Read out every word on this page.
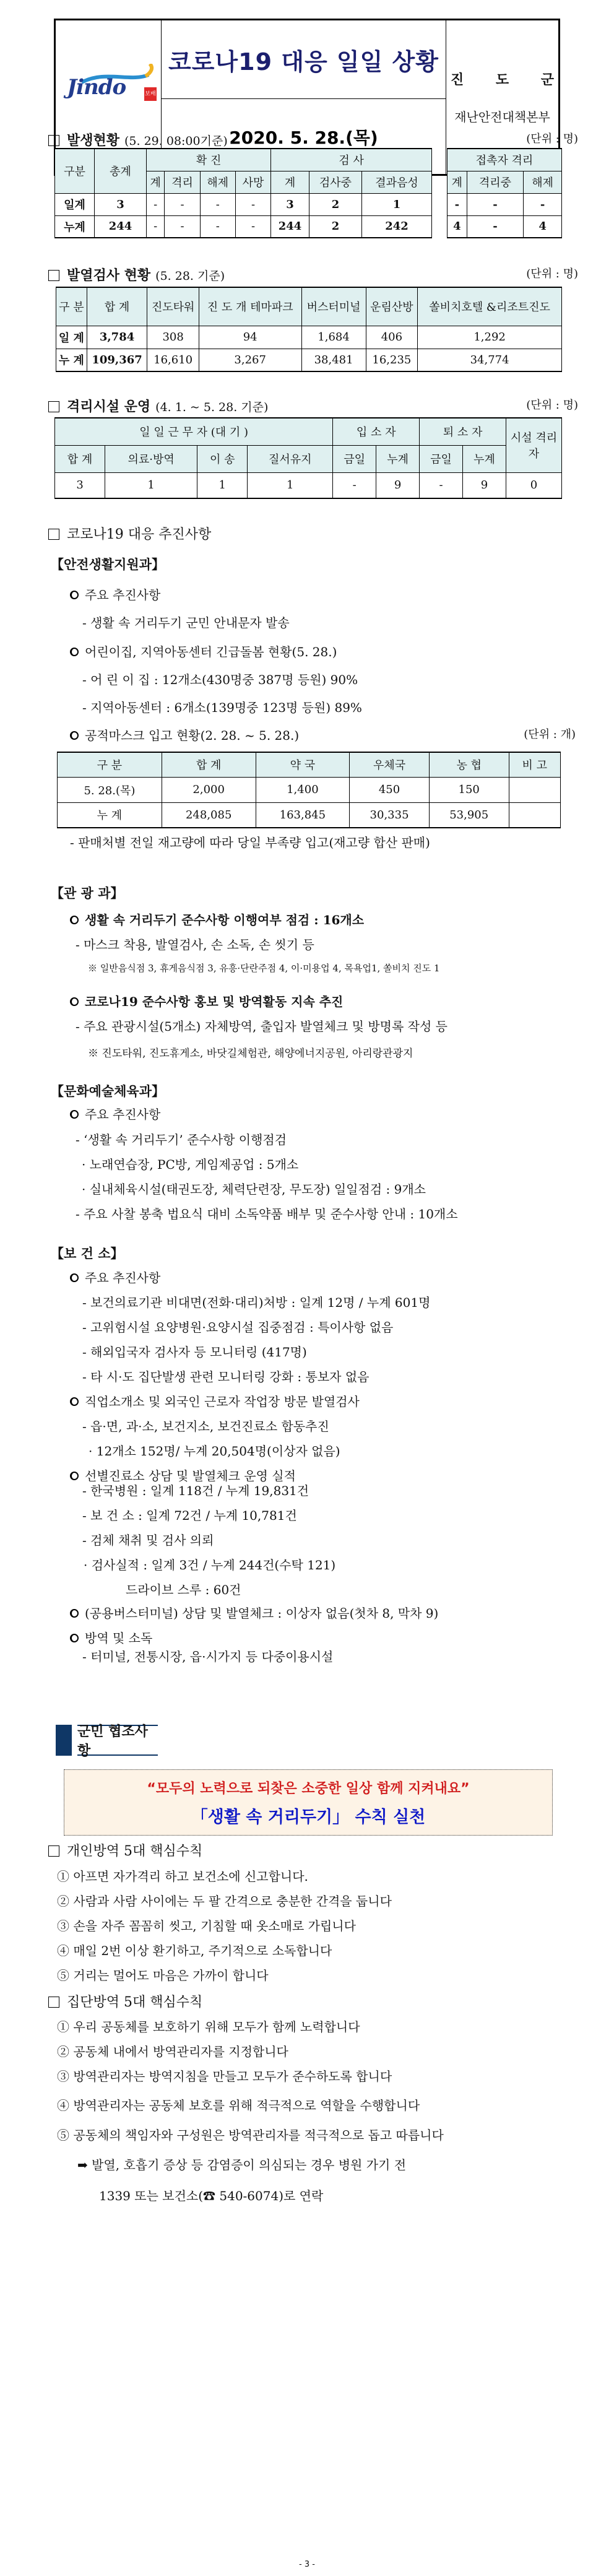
Jindo	보배섬
코로나19 대응 일일 상황
2020. 5. 28.(목)
진 도 군
재난안전대책본부
발생현황 (5. 29. 08:00기준)	(단위 : 명)
구분	총계	확 진				검 사		
		계	격리	해제	사망	계	검사중	결과음성
일계	3	-	-	-	-	3	2	1
누계	244	-	-	-	-	244	2	242
접촉자 격리		
계	격리중	해제
-	-	-
4	-	4
발열검사 현황 (5. 28. 기준)	(단위 : 명)
구 분	합 계	진도타워	진 도 개 테마파크	버스터미널	운림산방	쏠비치호텔 &리조트진도
일 계	3,784	308	94	1,684	406	1,292
누 계	109,367	16,610	3,267	38,481	16,235	34,774
격리시설 운영 (4. 1. ~ 5. 28. 기준)	(단위 : 명)
일 일 근 무 자 (대 기 )				입 소 자		퇴 소 자		시설 격리자
합 계	의료·방역	이 송	질서유지	금일	누계	금일	누계	
3	1	1	1	-	9	-	9	0
코로나19 대응 추진사항
【안전생활지원과】
주요 추진사항
- 생활 속 거리두기 군민 안내문자 발송
어린이집, 지역아동센터 긴급돌봄 현황(5. 28.)
- 어 린 이 집 : 12개소(430명중 387명 등원) 90%
- 지역아동센터 : 6개소(139명중 123명 등원) 89%
공적마스크 입고 현황(2. 28. ~ 5. 28.)	(단위 : 개)
구 분	합 계	약 국	우체국	농 협	비 고
5. 28.(목)	2,000	1,400	450	150	
누 계	248,085	163,845	30,335	53,905	
- 판매처별 전일 재고량에 따라 당일 부족량 입고(재고량 합산 판매)
【관 광 과】
생활 속 거리두기 준수사항 이행여부 점검 : 16개소
- 마스크 착용, 발열검사, 손 소독, 손 씻기 등
※ 일반음식점 3, 휴게음식점 3, 유흥·단란주점 4, 이·미용업 4, 목욕업1, 쏠비치 진도 1
코로나19 준수사항 홍보 및 방역활동 지속 추진
- 주요 관광시설(5개소) 자체방역, 출입자 발열체크 및 방명록 작성 등
※ 진도타워, 진도휴게소, 바닷길체험관, 해양에너지공원, 아리랑관광지
【문화예술체육과】
주요 추진사항
- ‘생활 속 거리두기’ 준수사항 이행점검
· 노래연습장, PC방, 게임제공업 : 5개소
· 실내체육시설(태권도장, 체력단련장, 무도장) 일일점검 : 9개소
- 주요 사찰 봉축 법요식 대비 소독약품 배부 및 준수사항 안내 : 10개소
【보 건 소】
주요 추진사항
- 보건의료기관 비대면(전화·대리)처방 : 일계 12명 / 누계 601명
- 고위험시설 요양병원·요양시설 집중점검 : 특이사항 없음
- 해외입국자 검사자 등 모니터링 (417명)
- 타 시·도 집단발생 관련 모니터링 강화 : 통보자 없음
직업소개소 및 외국인 근로자 작업장 방문 발열검사
- 읍·면, 과·소, 보건지소, 보건진료소 합동추진
· 12개소 152명/ 누계 20,504명(이상자 없음)
선별진료소 상담 및 발열체크 운영 실적
- 한국병원 : 일계 118건 / 누계 19,831건
- 보 건 소 : 일계 72건 / 누계 10,781건
- 검체 채취 및 검사 의뢰
· 검사실적 : 일계 3건 / 누계 244건(수탁 121)
드라이브 스루 : 60건
(공용버스터미널) 상담 및 발열체크 : 이상자 없음(첫차 8, 막차 9)
방역 및 소독
- 터미널, 전통시장, 읍·시가지 등 다중이용시설
군민 협조사항
“모두의 노력으로 되찾은 소중한 일상 함께 지켜내요”
「생활 속 거리두기」 수칙 실천
개인방역 5대 핵심수칙
① 아프면 자가격리 하고 보건소에 신고합니다.
② 사람과 사람 사이에는 두 팔 간격으로 충분한 간격을 둡니다
③ 손을 자주 꼼꼼히 씻고, 기침할 때 옷소매로 가립니다
④ 매일 2번 이상 환기하고, 주기적으로 소독합니다
⑤ 거리는 멀어도 마음은 가까이 합니다
집단방역 5대 핵심수칙
① 우리 공동체를 보호하기 위해 모두가 함께 노력합니다
② 공동체 내에서 방역관리자를 지정합니다
③ 방역관리자는 방역지침을 만들고 모두가 준수하도록 합니다
④ 방역관리자는 공동체 보호를 위해 적극적으로 역할을 수행합니다
⑤ 공동체의 책임자와 구성원은 방역관리자를 적극적으로 돕고 따릅니다
➡ 발열, 호흡기 증상 등 감염증이 의심되는 경우 병원 가기 전
1339 또는 보건소(☎ 540-6074)로 연락
- 3 -
